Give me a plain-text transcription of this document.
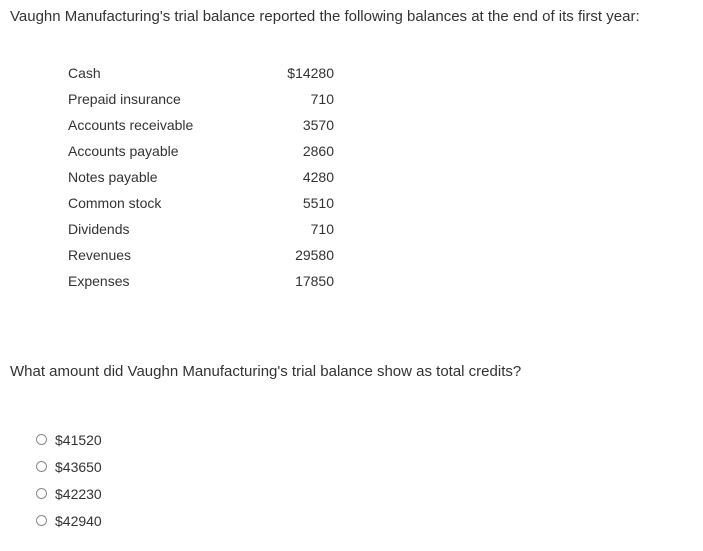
Vaughn Manufacturing's trial balance reported the following balances at the end of its first year:
Cash	$14280
Prepaid insurance	710
Accounts receivable	3570
Accounts payable	2860
Notes payable	4280
Common stock	5510
Dividends	710
Revenues	29580
Expenses	17850
What amount did Vaughn Manufacturing's trial balance show as total credits?
$41520
$43650
$42230
$42940
